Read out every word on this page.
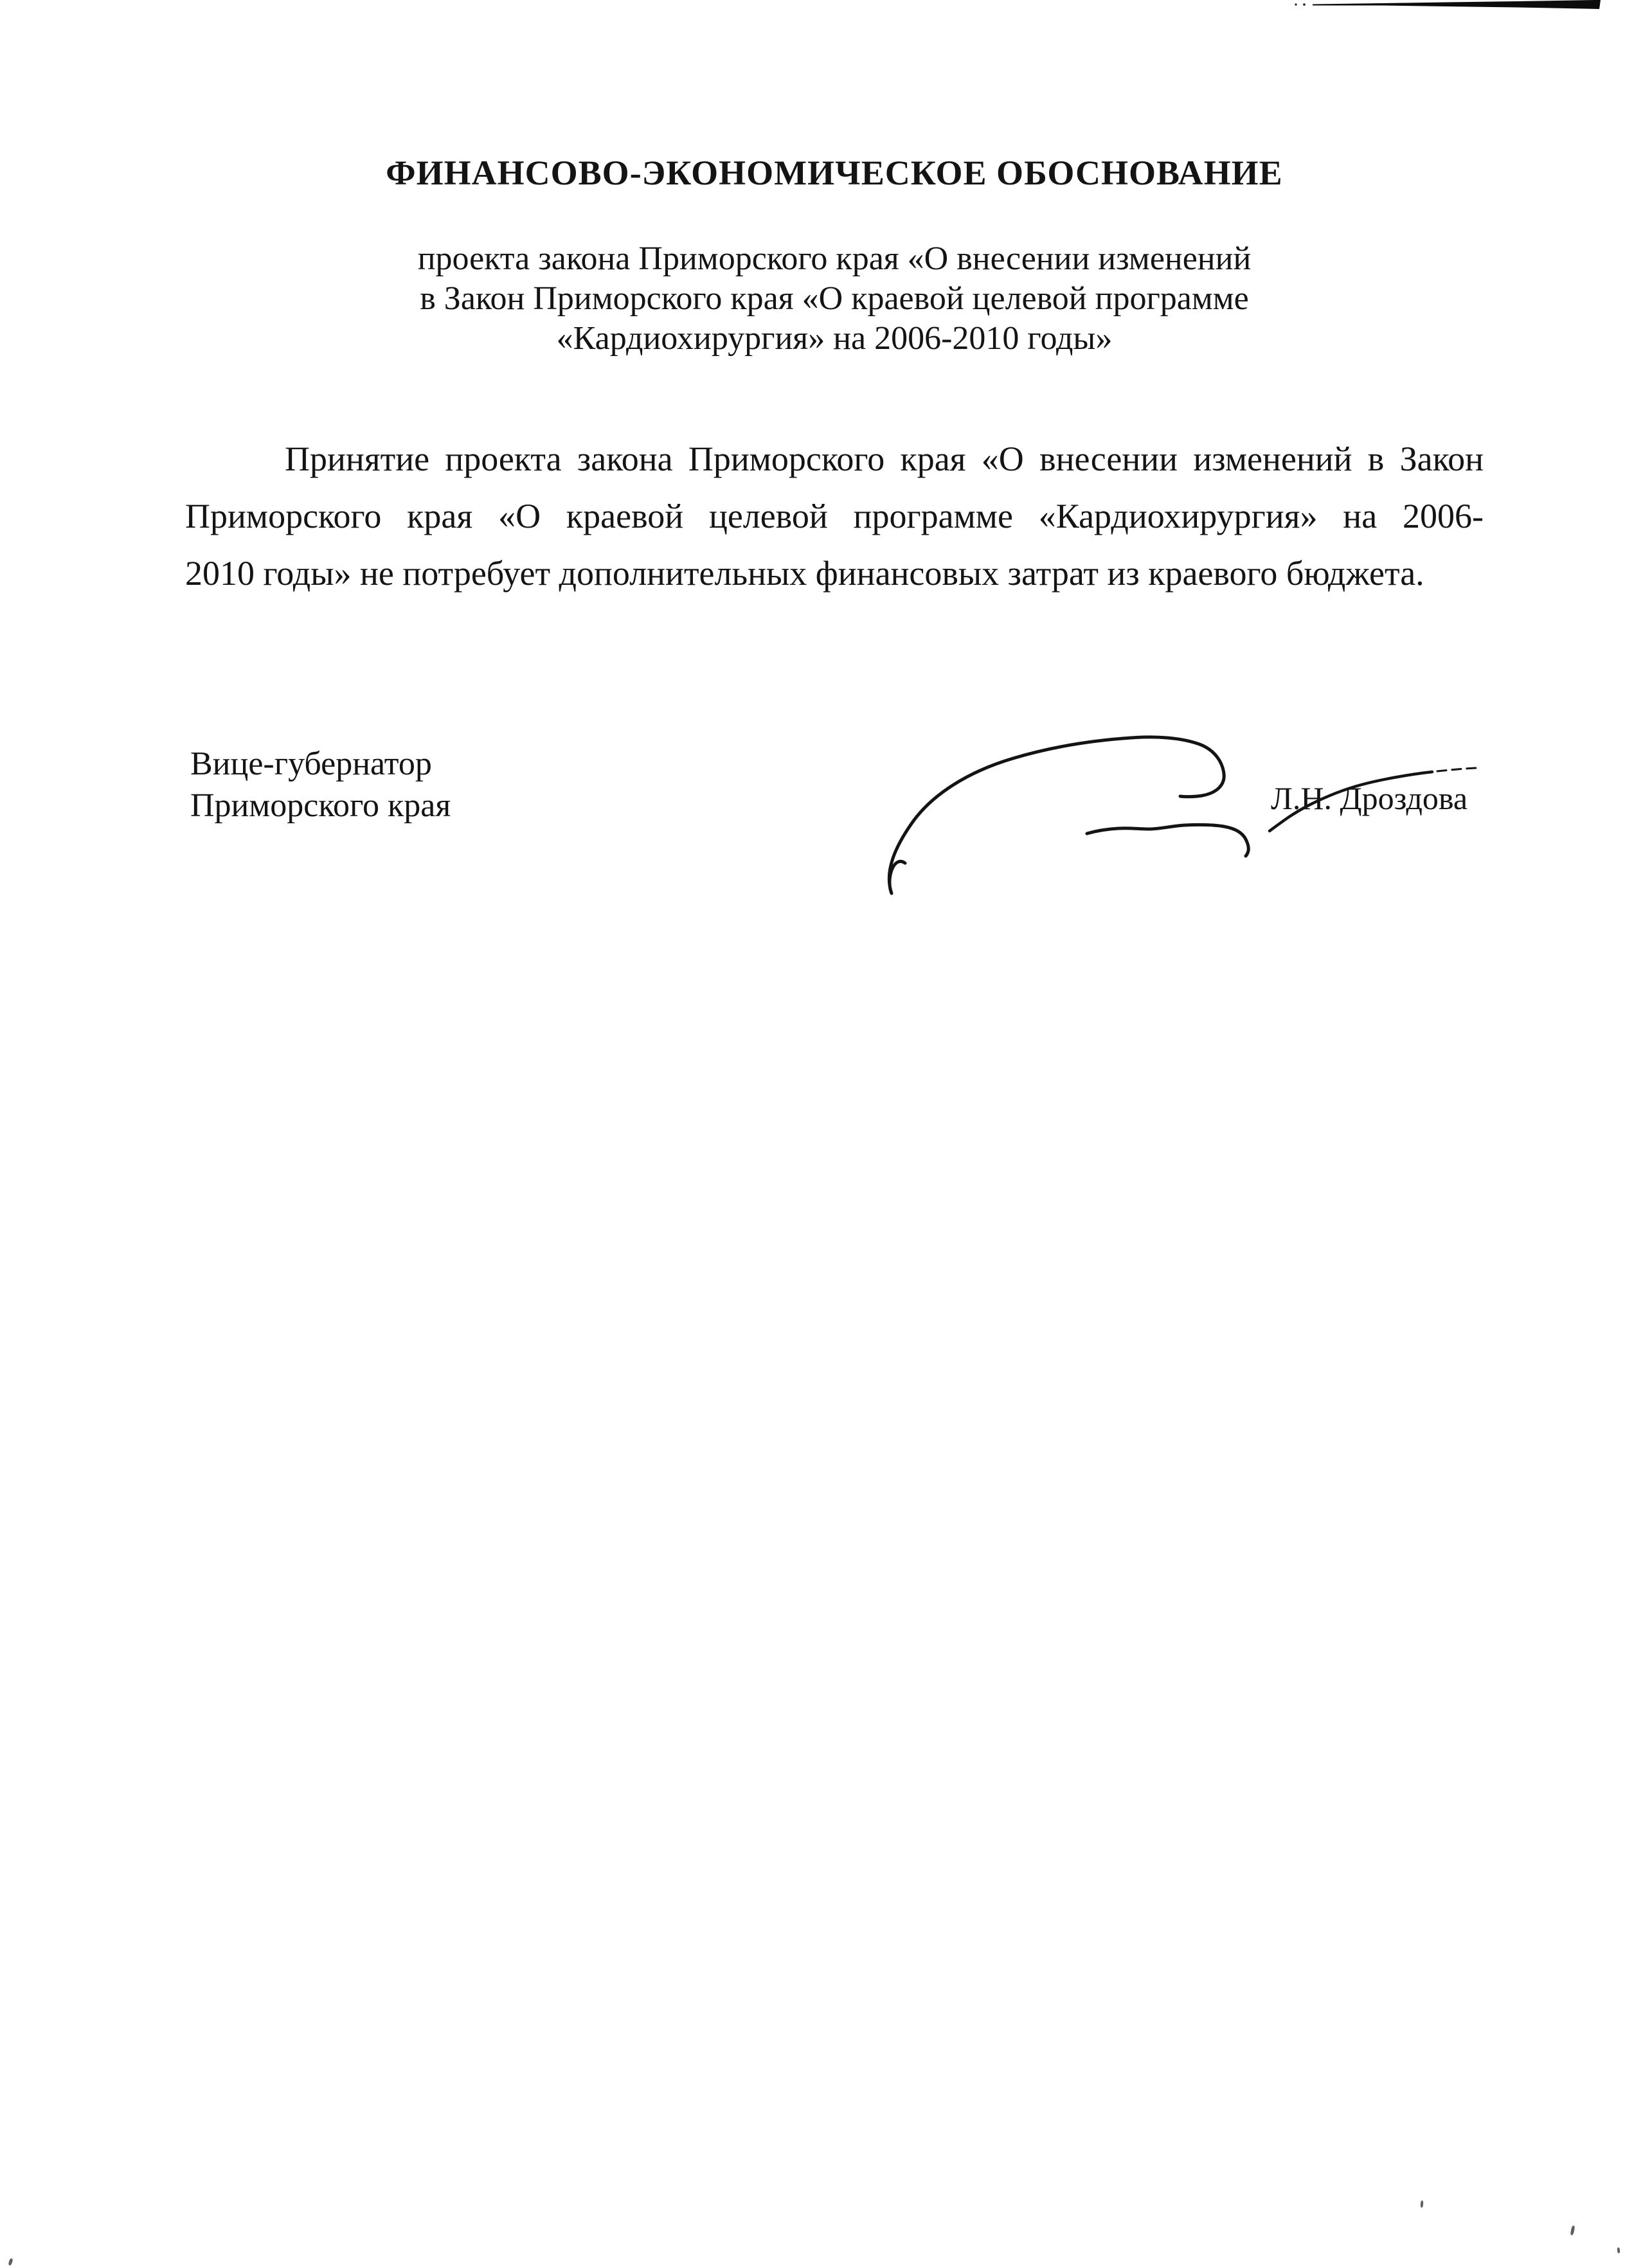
ФИНАНСОВО-ЭКОНОМИЧЕСКОЕ ОБОСНОВАНИЕ
проекта закона Приморского края «О внесении изменений
в Закон Приморского края «О краевой целевой программе
«Кардиохирургия» на 2006-2010 годы»
Принятие проекта закона Приморского края «О внесении изменений в Закон
Приморского края «О краевой целевой программе «Кардиохирургия» на 2006-
2010 годы» не потребует дополнительных финансовых затрат из краевого бюджета.
Вице-губернатор
Приморского края	Л.Н. Дроздова
